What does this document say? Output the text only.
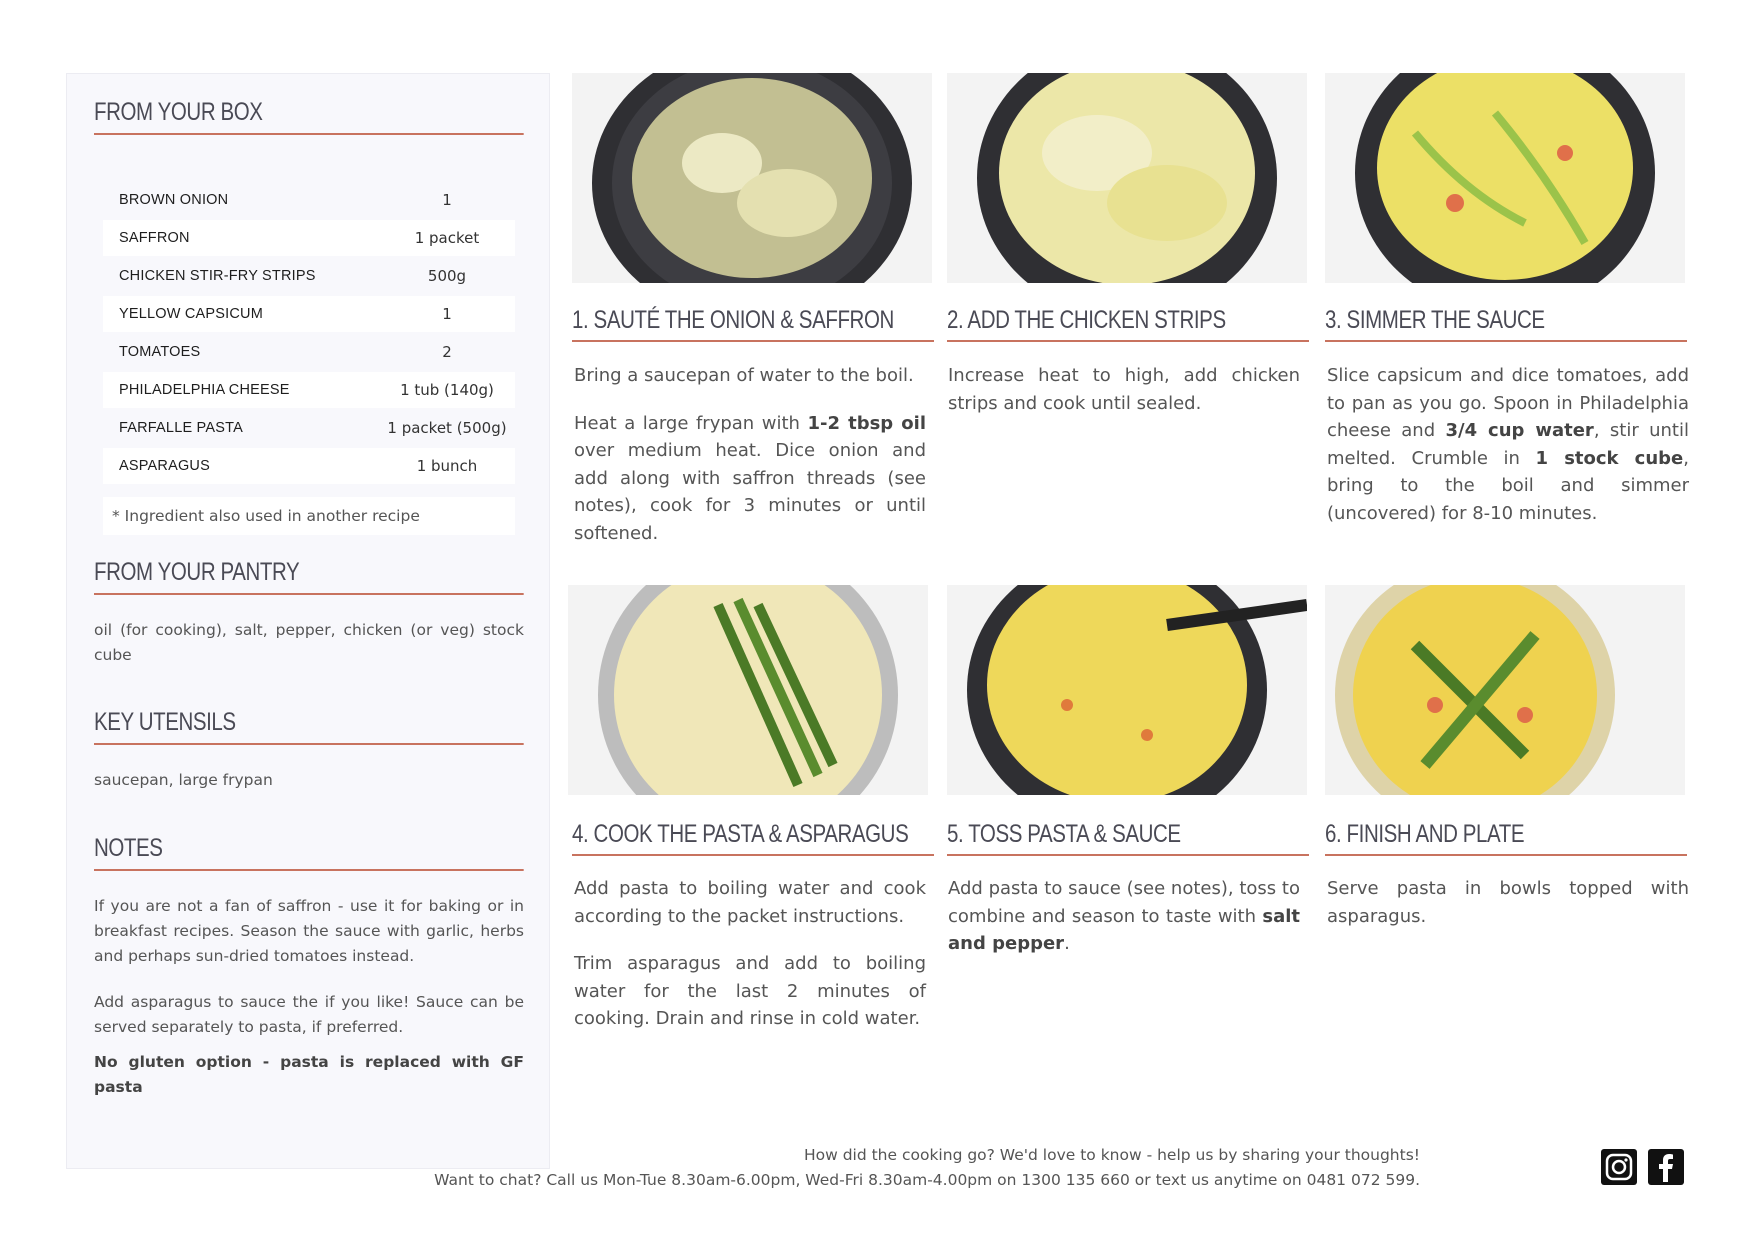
FROM YOUR BOX
BROWN ONION	1
SAFFRON	1 packet
CHICKEN STIR-FRY STRIPS	500g
YELLOW CAPSICUM	1
TOMATOES	2
PHILADELPHIA CHEESE	1 tub (140g)
FARFALLE PASTA	1 packet (500g)
ASPARAGUS	1 bunch
* Ingredient also used in another recipe
FROM YOUR PANTRY
oil (for cooking), salt, pepper, chicken (or veg) stock cube
KEY UTENSILS
saucepan, large frypan
NOTES
If you are not a fan of saffron - use it for baking or in breakfast recipes. Season the sauce with garlic, herbs and perhaps sun-dried tomatoes instead.
Add asparagus to sauce the if you like! Sauce can be served separately to pasta, if preferred.
No gluten option - pasta is replaced with GF pasta
1. SAUTÉ THE ONION & SAFFRON	2. ADD THE CHICKEN STRIPS	3. SIMMER THE SAUCE
4. COOK THE PASTA & ASPARAGUS	5. TOSS PASTA & SAUCE	6. FINISH AND PLATE

Bring a saucepan of water to the boil.

Heat a large frypan with 1-2 tbsp oil over medium heat. Dice onion and add along with saffron threads (see notes), cook for 3 minutes or until softened.

Increase heat to high, add chicken strips and cook until sealed.

Slice capsicum and dice tomatoes, add to pan as you go. Spoon in Philadelphia cheese and 3/4 cup water, stir until melted. Crumble in 1 stock cube, bring to the boil and simmer (uncovered) for 8-10 minutes.

Add pasta to boiling water and cook according to the packet instructions.

Trim asparagus and add to boiling water for the last 2 minutes of cooking. Drain and rinse in cold water.

Add pasta to sauce (see notes), toss to combine and season to taste with salt and pepper.

Serve pasta in bowls topped with asparagus.

How did the cooking go? We'd love to know - help us by sharing your thoughts!
Want to chat? Call us Mon-Tue 8.30am-6.00pm, Wed-Fri 8.30am-4.00pm on 1300 135 660 or text us anytime on 0481 072 599.
